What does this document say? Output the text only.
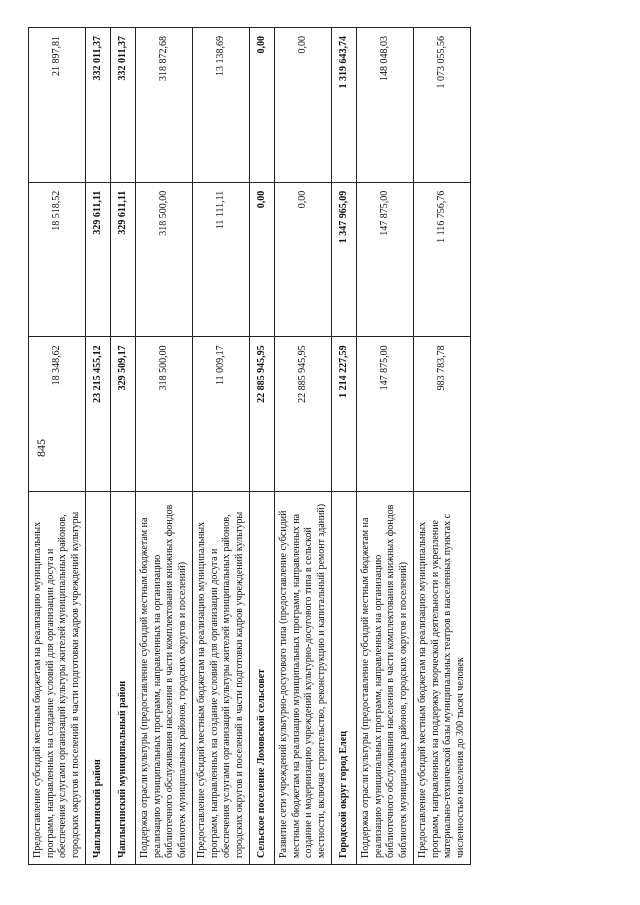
845
Предоставление субсидий местным бюджетам на реализацию муниципальных программ, направленных на создание условий для организации досуга и обеспечения услугами организаций культуры жителей муниципальных районов, городских округов и поселений в части подготовки кадров учреждений культуры	18 348,62	18 518,52	21 897,81
Чаплыгинский район	23 215 455,12	329 611,11	332 011,37
Чаплыгинский муниципальный район	329 509,17	329 611,11	332 011,37
Поддержка отрасли культуры (предоставление субсидий местным бюджетам на реализацию муниципальных программ, направленных на организацию библиотечного обслуживания населения в части комплектования книжных фондов библиотек муниципальных районов, городских округов и поселений)	318 500,00	318 500,00	318 872,68
Предоставление субсидий местным бюджетам на реализацию муниципальных программ, направленных на создание условий для организации досуга и обеспечения услугами организаций культуры жителей муниципальных районов, городских округов и поселений в части подготовки кадров учреждений культуры	11 009,17	11 111,11	13 138,69
Сельское поселение Ломовской сельсовет	22 885 945,95	0,00	0,00
Развитие сети учреждений культурно-досугового типа (предоставление субсидий местным бюджетам на реализацию муниципальных программ, направленных на создание и модернизацию учреждений культурно-досугового типа в сельской местности, включая строительство, реконструкцию и капитальный ремонт зданий)	22 885 945,95	0,00	0,00
Городской округ город Елец	1 214 227,59	1 347 965,09	1 319 643,74
Поддержка отрасли культуры (предоставление субсидий местным бюджетам на реализацию муниципальных программ, направленных на организацию библиотечного обслуживания населения в части комплектования книжных фондов библиотек муниципальных районов, городских округов и поселений)	147 875,00	147 875,00	148 048,03
Предоставление субсидий местным бюджетам на реализацию муниципальных программ, направленных на поддержку творческой деятельности и укрепление материально-технической базы муниципальных театров в населенных пунктах с численностью населения до 300 тысяч человек	983 783,78	1 116 756,76	1 073 055,56
